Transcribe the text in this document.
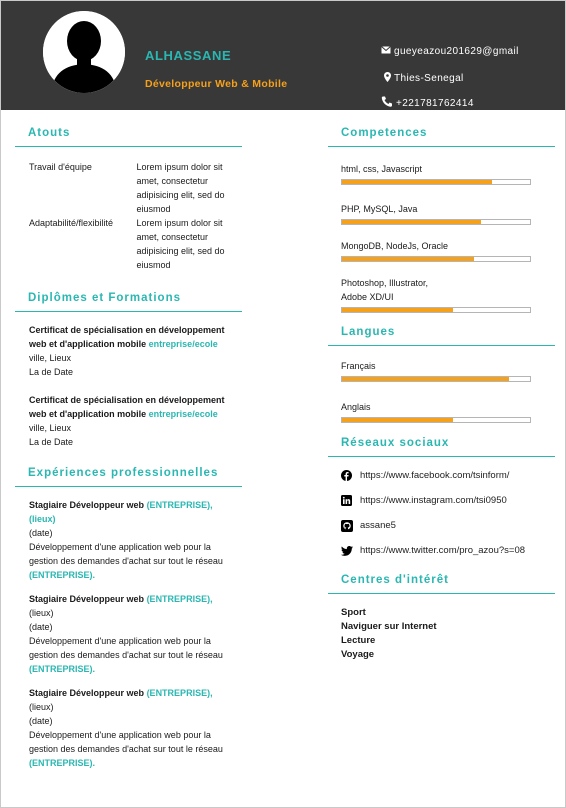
ALHASSANE
Développeur Web & Mobile
gueyeazou201629@gmail
Thies-Senegal
+221781762414
Atouts
Travail d'équipe	Lorem ipsum dolor sit amet, consectetur adipisicing elit, sed do eiusmod
Adaptabilité/flexibilité	Lorem ipsum dolor sit amet, consectetur adipisicing elit, sed do eiusmod
Diplômes et Formations
Certificat de spécialisation en développement web et d'application mobile entreprise/ecole
ville, Lieux
La de Date
Certificat de spécialisation en développement web et d'application mobile entreprise/ecole
ville, Lieux
La de Date
Expériences professionnelles
Stagiaire Développeur web (ENTREPRISE),
(lieux)
(date)
Développement d'une application web pour la gestion des demandes d'achat sur tout le réseau (ENTREPRISE).
Stagiaire Développeur web (ENTREPRISE),
(lieux)
(date)
Développement d'une application web pour la gestion des demandes d'achat sur tout le réseau (ENTREPRISE).
Stagiaire Développeur web (ENTREPRISE),
(lieux)
(date)
Développement d'une application web pour la gestion des demandes d'achat sur tout le réseau (ENTREPRISE).
Competences
html, css, Javascript
PHP, MySQL, Java
MongoDB, NodeJs, Oracle
Photoshop, Illustrator, Adobe XD/UI
Langues
Français
Anglais
Réseaux sociaux
https://www.facebook.com/tsinform/
https://www.instagram.com/tsi0950
assane5
https://www.twitter.com/pro_azou?s=08
Centres d'intérêt
Sport
Naviguer sur Internet
Lecture
Voyage
